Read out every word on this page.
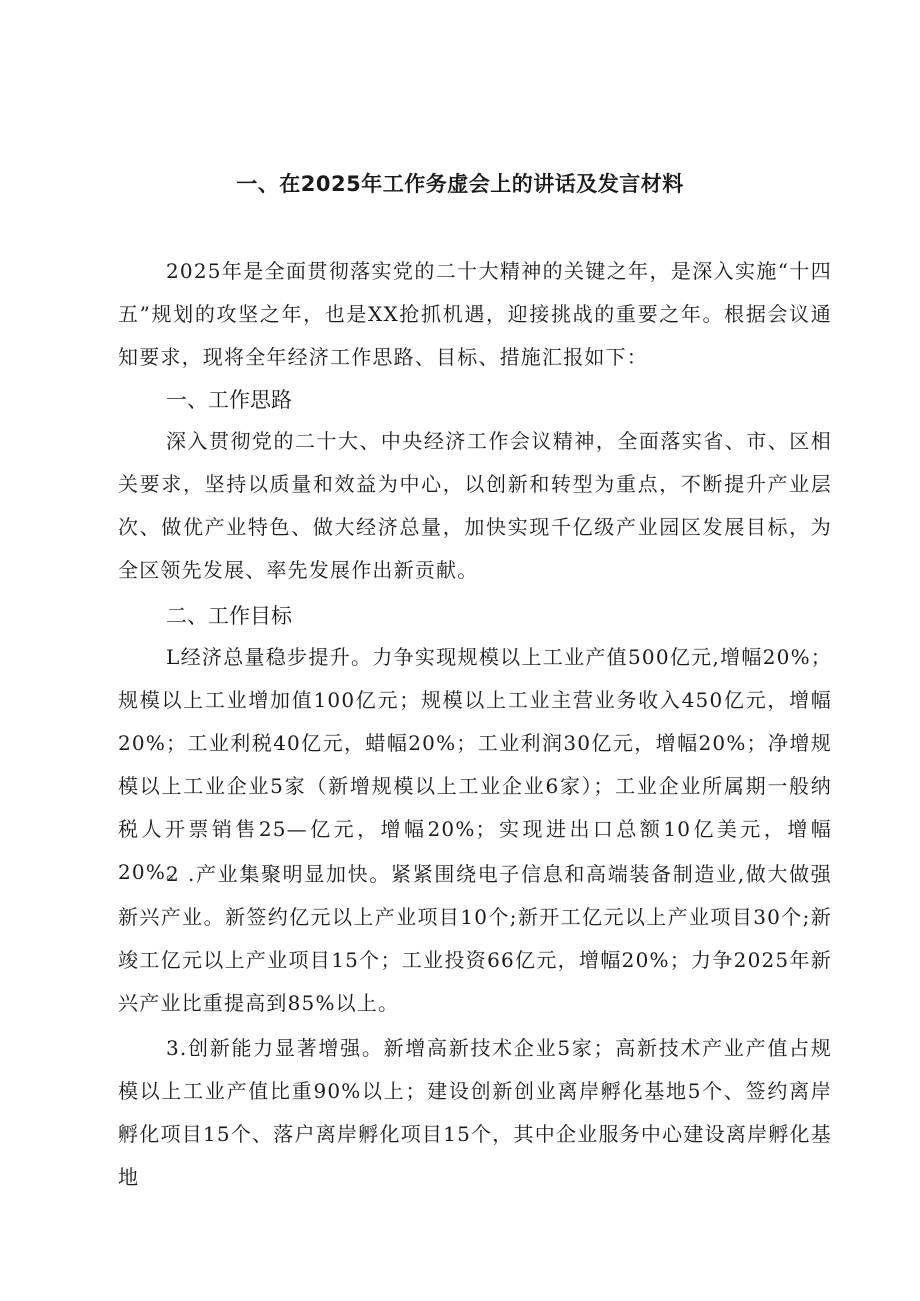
一、在2025年工作务虚会上的讲话及发言材料

2025年是全面贯彻落实党的二十大精神的关键之年，是深入实施“十四五”规划的攻坚之年，也是XX抢抓机遇，迎接挑战的重要之年。根据会议通知要求，现将全年经济工作思路、目标、措施汇报如下：

一、工作思路

深入贯彻党的二十大、中央经济工作会议精神，全面落实省、市、区相关要求，坚持以质量和效益为中心，以创新和转型为重点，不断提升产业层次、做优产业特色、做大经济总量，加快实现千亿级产业园区发展目标，为全区领先发展、率先发展作出新贡献。

二、工作目标

L经济总量稳步提升。力争实现规模以上工业产值500亿元,增幅20%；规模以上工业增加值100亿元；规模以上工业主营业务收入450亿元，增幅20%；工业利税40亿元，蜡幅20%；工业利润30亿元，增幅20%；净增规模以上工业企业5家（新增规模以上工业企业6家）；工业企业所属期一般纳税人开票销售25—亿元，增幅20%；实现进出口总额10亿美元，增幅20%。

2 .产业集聚明显加快。紧紧围绕电子信息和高端装备制造业,做大做强新兴产业。新签约亿元以上产业项目10个;新开工亿元以上产业项目30个;新竣工亿元以上产业项目15个；工业投资66亿元，增幅20%；力争2025年新兴产业比重提高到85%以上。

3.创新能力显著增强。新增高新技术企业5家；高新技术产业产值占规模以上工业产值比重90%以上；建设创新创业离岸孵化基地5个、签约离岸孵化项目15个、落户离岸孵化项目15个，其中企业服务中心建设离岸孵化基地
